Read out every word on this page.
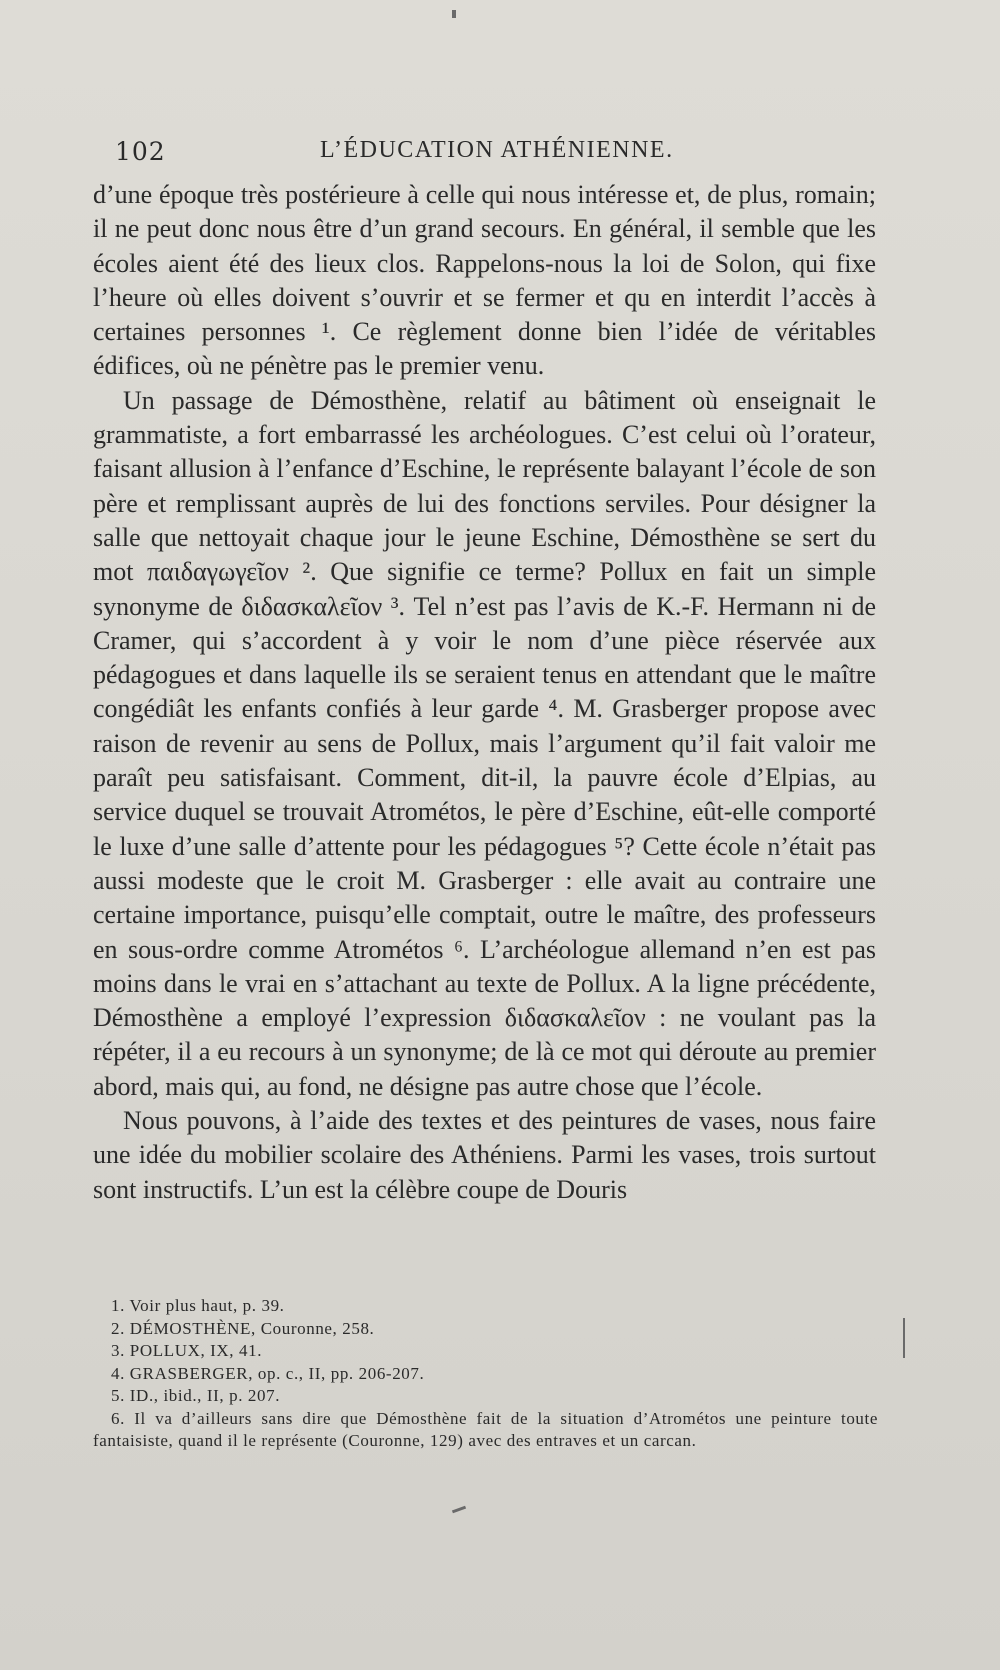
102	L’ÉDUCATION ATHÉNIENNE.

d’une époque très postérieure à celle qui nous intéresse et, de plus, romain; il ne peut donc nous être d’un grand secours. En général, il semble que les écoles aient été des lieux clos. Rappelons-nous la loi de Solon, qui fixe l’heure où elles doivent s’ouvrir et se fermer et qu en interdit l’accès à certaines personnes ¹. Ce règlement donne bien l’idée de véritables édifices, où ne pénètre pas le premier venu.

Un passage de Démosthène, relatif au bâtiment où enseignait le grammatiste, a fort embarrassé les archéologues. C’est celui où l’orateur, faisant allusion à l’enfance d’Eschine, le représente balayant l’école de son père et remplissant auprès de lui des fonctions serviles. Pour désigner la salle que nettoyait chaque jour le jeune Eschine, Démosthène se sert du mot παιδαγωγεῖον ². Que signifie ce terme? Pollux en fait un simple synonyme de διδασκαλεῖον ³. Tel n’est pas l’avis de K.-F. Hermann ni de Cramer, qui s’accordent à y voir le nom d’une pièce réservée aux pédagogues et dans laquelle ils se seraient tenus en attendant que le maître congédiât les enfants confiés à leur garde ⁴. M. Grasberger propose avec raison de revenir au sens de Pollux, mais l’argument qu’il fait valoir me paraît peu satisfaisant. Comment, dit-il, la pauvre école d’Elpias, au service duquel se trouvait Atrométos, le père d’Eschine, eût-elle comporté le luxe d’une salle d’attente pour les pédagogues ⁵? Cette école n’était pas aussi modeste que le croit M. Grasberger : elle avait au contraire une certaine importance, puisqu’elle comptait, outre le maître, des professeurs en sous-ordre comme Atrométos ⁶. L’archéologue allemand n’en est pas moins dans le vrai en s’attachant au texte de Pollux. A la ligne précédente, Démosthène a employé l’expression διδασκαλεῖον : ne voulant pas la répéter, il a eu recours à un synonyme; de là ce mot qui déroute au premier abord, mais qui, au fond, ne désigne pas autre chose que l’école.

Nous pouvons, à l’aide des textes et des peintures de vases, nous faire une idée du mobilier scolaire des Athéniens. Parmi les vases, trois surtout sont instructifs. L’un est la célèbre coupe de Douris

1. Voir plus haut, p. 39.

2. DÉMOSTHÈNE, Couronne, 258.

3. POLLUX, IX, 41.

4. GRASBERGER, op. c., II, pp. 206-207.

5. ID., ibid., II, p. 207.

6. Il va d’ailleurs sans dire que Démosthène fait de la situation d’Atrométos une peinture toute fantaisiste, quand il le représente (Couronne, 129) avec des entraves et un carcan.
